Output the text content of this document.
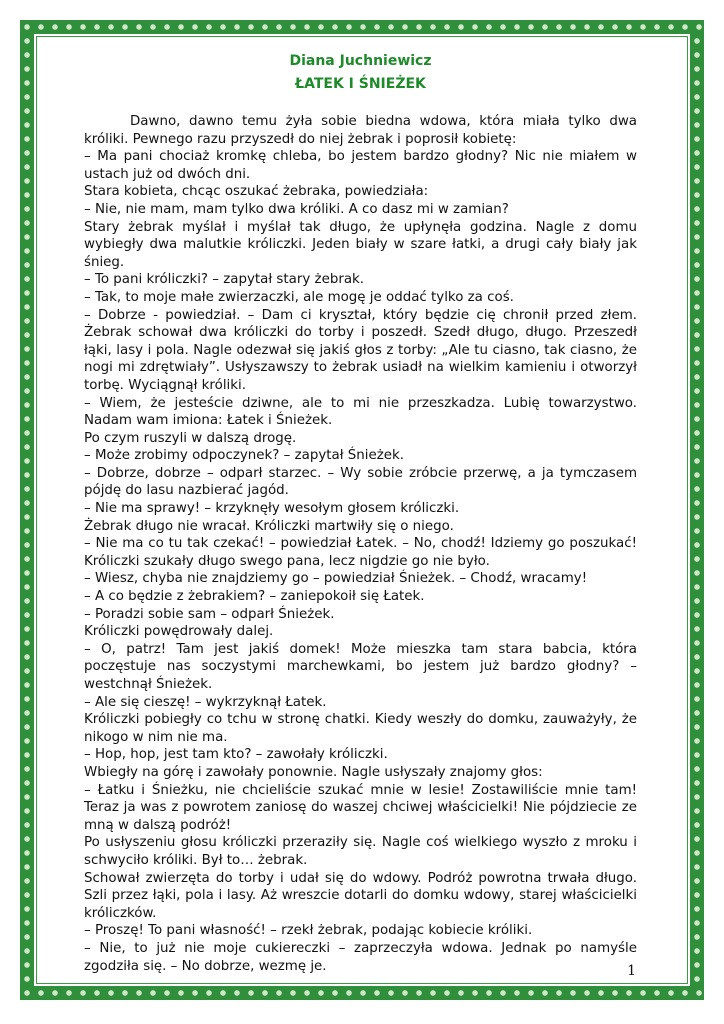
Diana Juchniewicz
ŁATEK I ŚNIEŻEK

Dawno, dawno temu żyła sobie biedna wdowa, która miała tylko dwa króliki. Pewnego razu przyszedł do niej żebrak i poprosił kobietę:

– Ma pani chociaż kromkę chleba, bo jestem bardzo głodny? Nic nie miałem w ustach już od dwóch dni.

Stara kobieta, chcąc oszukać żebraka, powiedziała:

– Nie, nie mam, mam tylko dwa króliki. A co dasz mi w zamian?

Stary żebrak myślał i myślał tak długo, że upłynęła godzina. Nagle z domu wybiegły dwa malutkie króliczki. Jeden biały w szare łatki, a drugi cały biały jak śnieg.

– To pani króliczki? – zapytał stary żebrak.

– Tak, to moje małe zwierzaczki, ale mogę je oddać tylko za coś.

– Dobrze - powiedział. – Dam ci kryształ, który będzie cię chronił przed złem. Żebrak schował dwa króliczki do torby i poszedł. Szedł długo, długo. Przeszedł łąki, lasy i pola. Nagle odezwał się jakiś głos z torby: „Ale tu ciasno, tak ciasno, że nogi mi zdrętwiały”. Usłyszawszy to żebrak usiadł na wielkim kamieniu i otworzył torbę. Wyciągnął króliki.

– Wiem, że jesteście dziwne, ale to mi nie przeszkadza. Lubię towarzystwo. Nadam wam imiona: Łatek i Śnieżek.

Po czym ruszyli w dalszą drogę.

– Może zrobimy odpoczynek? – zapytał Śnieżek.

– Dobrze, dobrze – odparł starzec. – Wy sobie zróbcie przerwę, a ja tymczasem pójdę do lasu nazbierać jagód.

– Nie ma sprawy! – krzyknęły wesołym głosem króliczki.

Żebrak długo nie wracał. Króliczki martwiły się o niego.

– Nie ma co tu tak czekać! – powiedział Łatek. – No, chodź! Idziemy go poszukać! Króliczki szukały długo swego pana, lecz nigdzie go nie było.

– Wiesz, chyba nie znajdziemy go – powiedział Śnieżek. – Chodź, wracamy!

– A co będzie z żebrakiem? – zaniepokoił się Łatek.

– Poradzi sobie sam – odparł Śnieżek.

Króliczki powędrowały dalej.

– O, patrz! Tam jest jakiś domek! Może mieszka tam stara babcia, która poczęstuje nas soczystymi marchewkami, bo jestem już bardzo głodny? – westchnął Śnieżek.

– Ale się cieszę! – wykrzyknął Łatek.

Króliczki pobiegły co tchu w stronę chatki. Kiedy weszły do domku, zauważyły, że nikogo w nim nie ma.

– Hop, hop, jest tam kto? – zawołały króliczki.

Wbiegły na górę i zawołały ponownie. Nagle usłyszały znajomy głos:

– Łatku i Śnieżku, nie chcieliście szukać mnie w lesie! Zostawiliście mnie tam! Teraz ja was z powrotem zaniosę do waszej chciwej właścicielki! Nie pójdziecie ze mną w dalszą podróż!

Po usłyszeniu głosu króliczki przeraziły się. Nagle coś wielkiego wyszło z mroku i schwyciło króliki. Był to… żebrak.

Schował zwierzęta do torby i udał się do wdowy. Podróż powrotna trwała długo. Szli przez łąki, pola i lasy. Aż wreszcie dotarli do domku wdowy, starej właścicielki króliczków.

– Proszę! To pani własność! – rzekł żebrak, podając kobiecie króliki.

– Nie, to już nie moje cukiereczki – zaprzeczyła wdowa. Jednak po namyśle zgodziła się. – No dobrze, wezmę je.	1
